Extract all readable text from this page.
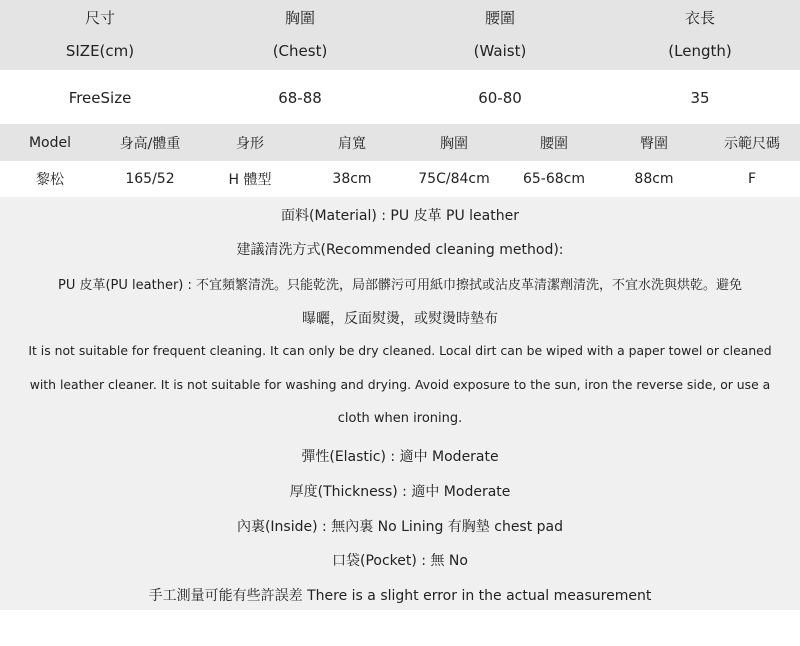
尺寸	胸圍	腰圍	衣長
SIZE(cm)	(Chest)	(Waist)	(Length)
FreeSize	68-88	60-80	35
Model	身高/體重	身形	肩寬	胸圍	腰圍	臀圍	示範尺碼
黎松	165/52	H 體型	38cm	75C/84cm	65-68cm	88cm	F
面料(Material) : PU 皮革 PU leather
建議清洗方式(Recommended cleaning method):
PU 皮革(PU leather) : 不宜頻繁清洗。只能乾洗，局部髒污可用紙巾擦拭或沾皮革清潔劑清洗，不宜水洗與烘乾。避免
曝曬，反面熨燙，或熨燙時墊布
It is not suitable for frequent cleaning. It can only be dry cleaned. Local dirt can be wiped with a paper towel or cleaned
with leather cleaner. It is not suitable for washing and drying. Avoid exposure to the sun, iron the reverse side, or use a
cloth when ironing.
彈性(Elastic) : 適中 Moderate
厚度(Thickness) : 適中 Moderate
內裏(Inside) : 無內裏 No Lining 有胸墊 chest pad
口袋(Pocket) : 無 No
手工測量可能有些許誤差 There is a slight error in the actual measurement
